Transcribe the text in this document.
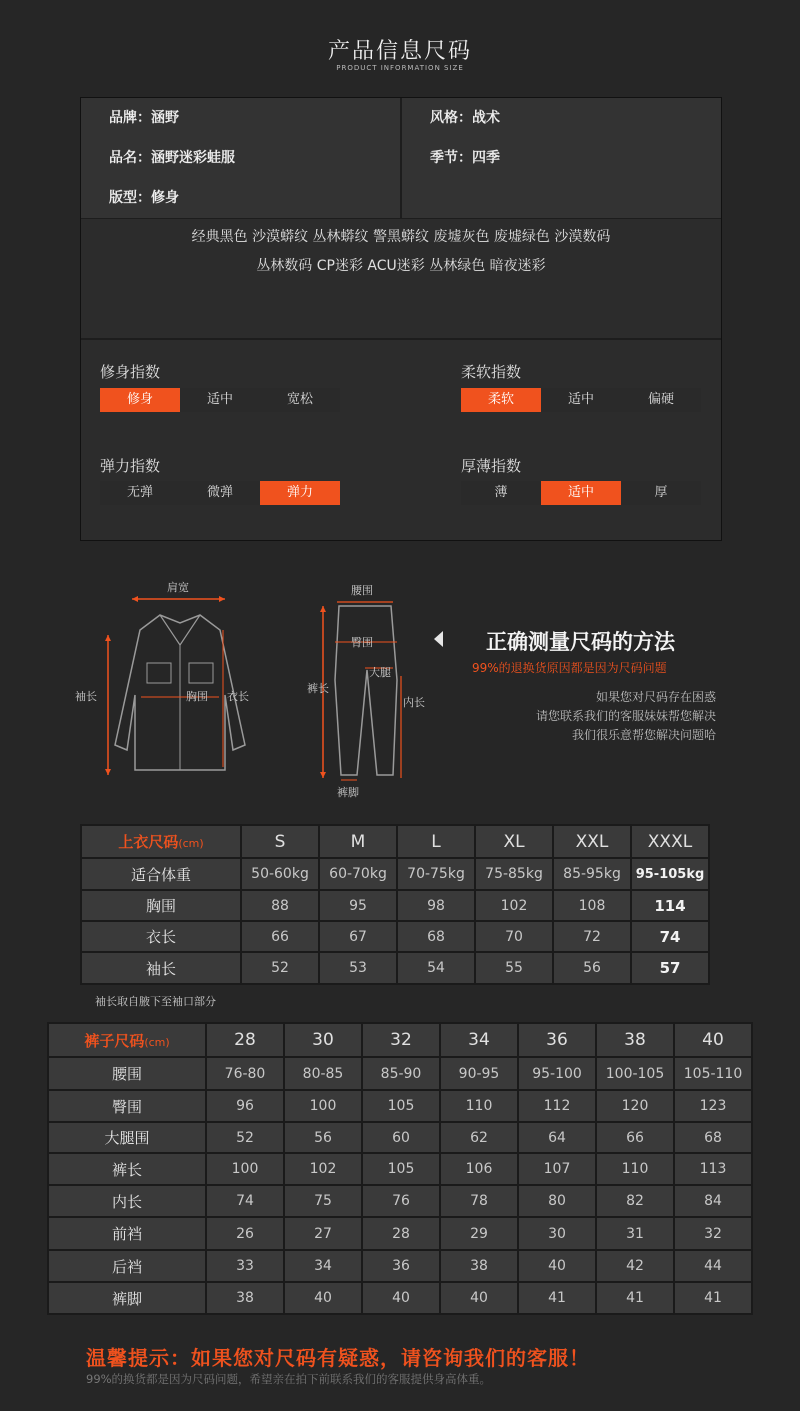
产品信息尺码
PRODUCT INFORMATION SIZE
品牌：涵野	风格：战术
品名：涵野迷彩蛙服	季节：四季
版型：修身
经典黑色 沙漠蟒纹 丛林蟒纹 警黑蟒纹 废墟灰色 废墟绿色 沙漠数码
丛林数码 CP迷彩 ACU迷彩 丛林绿色 暗夜迷彩
修身指数
修身	适中	宽松
柔软指数
柔软	适中	偏硬
弹力指数
无弹	微弹	弹力
厚薄指数
薄	适中	厚
肩宽
袖长	胸围 衣长
腰围
臀围
大腿
裤长
内长
裤脚
正确测量尺码的方法
99%的退换货原因都是因为尺码问题
如果您对尺码存在困惑
请您联系我们的客服妹妹帮您解决
我们很乐意帮您解决问题哈
上衣尺码(cm)	S	M	L	XL	XXL	XXXL
适合体重	50-60kg	60-70kg	70-75kg	75-85kg	85-95kg	95-105kg
胸围	88	95	98	102	108	114
衣长	66	67	68	70	72	74
袖长	52	53	54	55	56	57
袖长取自腋下至袖口部分
裤子尺码(cm)	28	30	32	34	36	38	40
腰围	76-80	80-85	85-90	90-95	95-100	100-105	105-110
臀围	96	100	105	110	112	120	123
大腿围	52	56	60	62	64	66	68
裤长	100	102	105	106	107	110	113
内长	74	75	76	78	80	82	84
前裆	26	27	28	29	30	31	32
后裆	33	34	36	38	40	42	44
裤脚	38	40	40	40	41	41	41
温馨提示：如果您对尺码有疑惑，请咨询我们的客服！
99%的换货都是因为尺码问题，希望亲在拍下前联系我们的客服提供身高体重。
